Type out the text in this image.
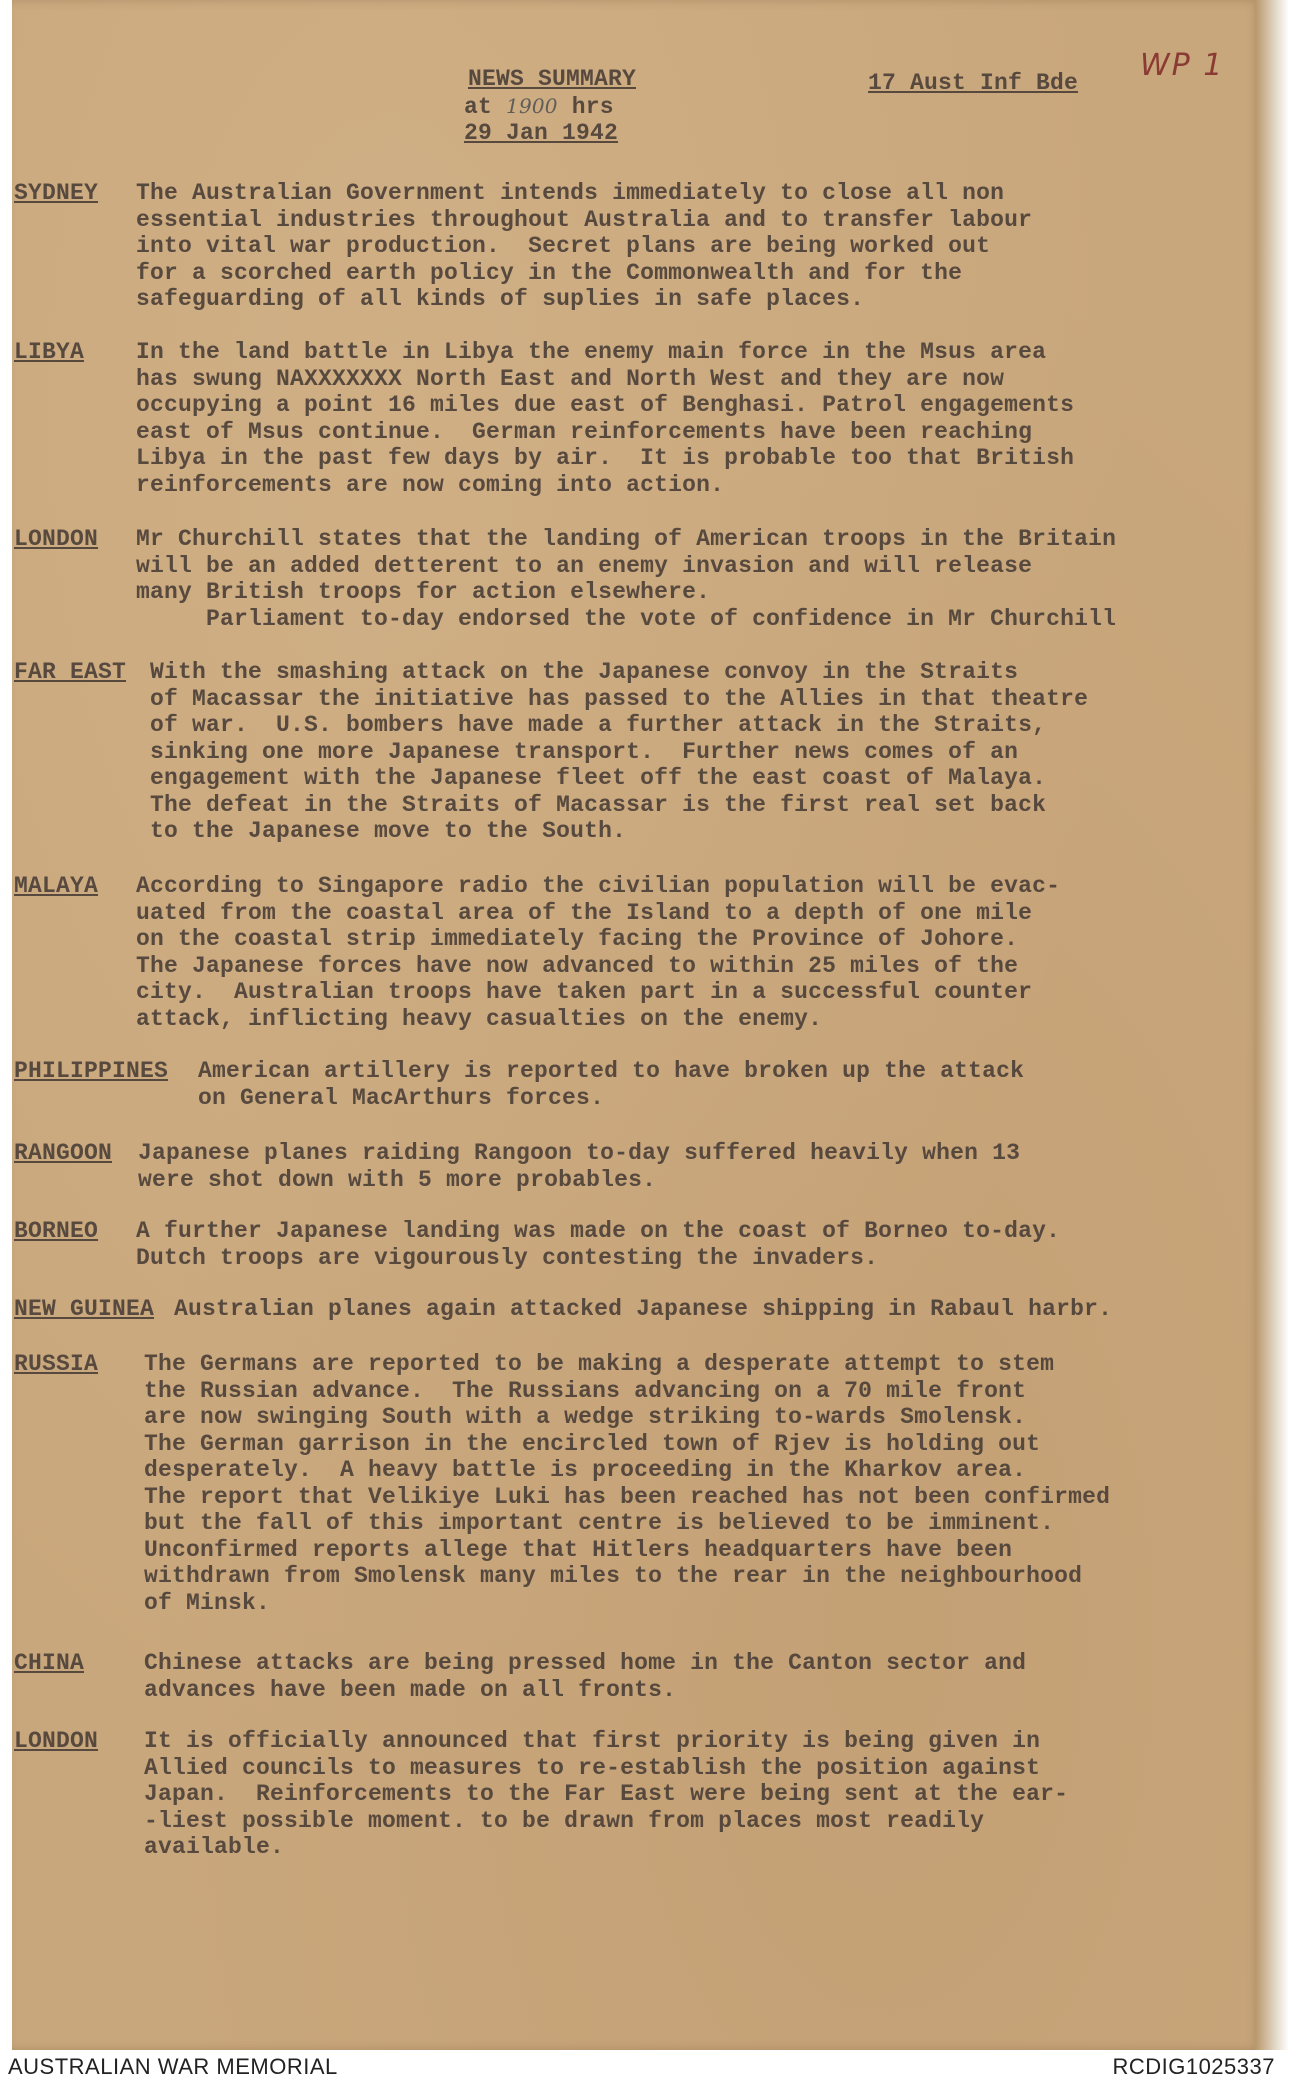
NEWS SUMMARY
at 1900 hrs
29 Jan 1942
17 Aust Inf Bde WP 1
SYDNEY The Australian Government intends immediately to close all non
essential industries throughout Australia and to transfer labour
into vital war production.  Secret plans are being worked out
for a scorched earth policy in the Commonwealth and for the
safeguarding of all kinds of suplies in safe places.
LIBYA In the land battle in Libya the enemy main force in the Msus area
has swung NAXXXXXXX North East and North West and they are now
occupying a point 16 miles due east of Benghasi. Patrol engagements
east of Msus continue.  German reinforcements have been reaching
Libya in the past few days by air.  It is probable too that British
reinforcements are now coming into action.
LONDON Mr Churchill states that the landing of American troops in the Britain
will be an added detterent to an enemy invasion and will release
many British troops for action elsewhere.
Parliament to-day endorsed the vote of confidence in Mr Churchill
FAR EAST With the smashing attack on the Japanese convoy in the Straits
of Macassar the initiative has passed to the Allies in that theatre
of war.  U.S. bombers have made a further attack in the Straits,
sinking one more Japanese transport.  Further news comes of an
engagement with the Japanese fleet off the east coast of Malaya.
The defeat in the Straits of Macassar is the first real set back
to the Japanese move to the South.
MALAYA According to Singapore radio the civilian population will be evac-
uated from the coastal area of the Island to a depth of one mile
on the coastal strip immediately facing the Province of Johore.
The Japanese forces have now advanced to within 25 miles of the
city.  Australian troops have taken part in a successful counter
attack, inflicting heavy casualties on the enemy.
PHILIPPINES American artillery is reported to have broken up the attack
on General MacArthurs forces.
RANGOON Japanese planes raiding Rangoon to-day suffered heavily when 13
were shot down with 5 more probables.
BORNEO A further Japanese landing was made on the coast of Borneo to-day.
Dutch troops are vigourously contesting the invaders.
NEW GUINEA Australian planes again attacked Japanese shipping in Rabaul harbr.
RUSSIA The Germans are reported to be making a desperate attempt to stem
the Russian advance.  The Russians advancing on a 70 mile front
are now swinging South with a wedge striking to-wards Smolensk.
The German garrison in the encircled town of Rjev is holding out
desperately.  A heavy battle is proceeding in the Kharkov area.
The report that Velikiye Luki has been reached has not been confirmed
but the fall of this important centre is believed to be imminent.
Unconfirmed reports allege that Hitlers headquarters have been
withdrawn from Smolensk many miles to the rear in the neighbourhood
of Minsk.
CHINA	Chinese attacks are being pressed home in the Canton sector and
advances have been made on all fronts.
LONDON It is officially announced that first priority is being given in
Allied councils to measures to re-establish the position against
Japan.  Reinforcements to the Far East were being sent at the ear-
-liest possible moment. to be drawn from places most readily
available.
AUSTRALIAN WAR MEMORIAL	RCDIG1025337
